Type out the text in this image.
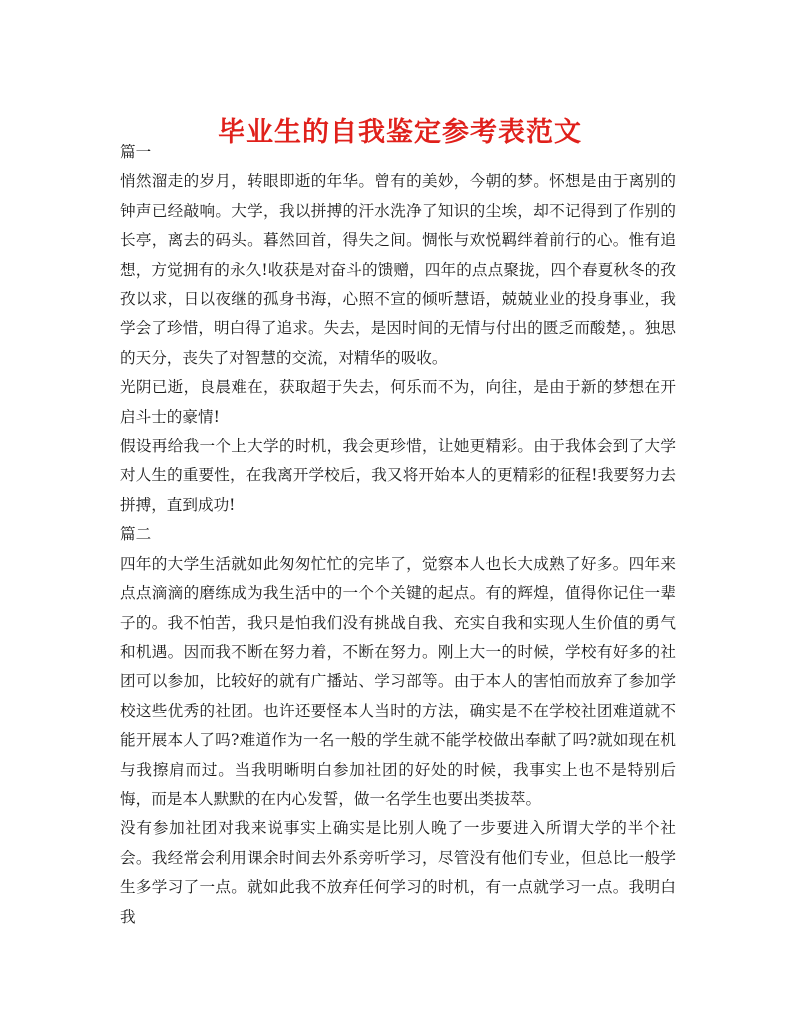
毕业生的自我鉴定参考表范文

篇一

悄然溜走的岁月，转眼即逝的年华。曾有的美妙，今朝的梦。怀想是由于离别的钟声已经敲响。大学，我以拼搏的汗水洗净了知识的尘埃，却不记得到了作别的长亭，离去的码头。暮然回首，得失之间。惆怅与欢悦羁绊着前行的心。惟有追想，方觉拥有的永久!收获是对奋斗的馈赠，四年的点点聚拢，四个春夏秋冬的孜孜以求，日以夜继的孤身书海，心照不宣的倾听慧语，兢兢业业的投身事业，我学会了珍惜，明白得了追求。失去，是因时间的无情与付出的匮乏而酸楚，。独思的天分，丧失了对智慧的交流，对精华的吸收。

光阴已逝，良晨难在，获取超于失去，何乐而不为，向往，是由于新的梦想在开启斗士的豪情!

假设再给我一个上大学的时机，我会更珍惜，让她更精彩。由于我体会到了大学对人生的重要性，在我离开学校后，我又将开始本人的更精彩的征程!我要努力去拼搏，直到成功!

篇二

四年的大学生活就如此匆匆忙忙的完毕了，觉察本人也长大成熟了好多。四年来点点滴滴的磨练成为我生活中的一个个关键的起点。有的辉煌，值得你记住一辈子的。我不怕苦，我只是怕我们没有挑战自我、充实自我和实现人生价值的勇气和机遇。因而我不断在努力着，不断在努力。刚上大一的时候，学校有好多的社团可以参加，比较好的就有广播站、学习部等。由于本人的害怕而放弃了参加学校这些优秀的社团。也许还要怪本人当时的方法，确实是不在学校社团难道就不能开展本人了吗?难道作为一名一般的学生就不能学校做出奉献了吗?就如现在机与我擦肩而过。当我明晰明白参加社团的好处的时候，我事实上也不是特别后悔，而是本人默默的在内心发誓，做一名学生也要出类拔萃。

没有参加社团对我来说事实上确实是比别人晚了一步要进入所谓大学的半个社会。我经常会利用课余时间去外系旁听学习，尽管没有他们专业，但总比一般学生多学习了一点。就如此我不放弃任何学习的时机，有一点就学习一点。我明白我
